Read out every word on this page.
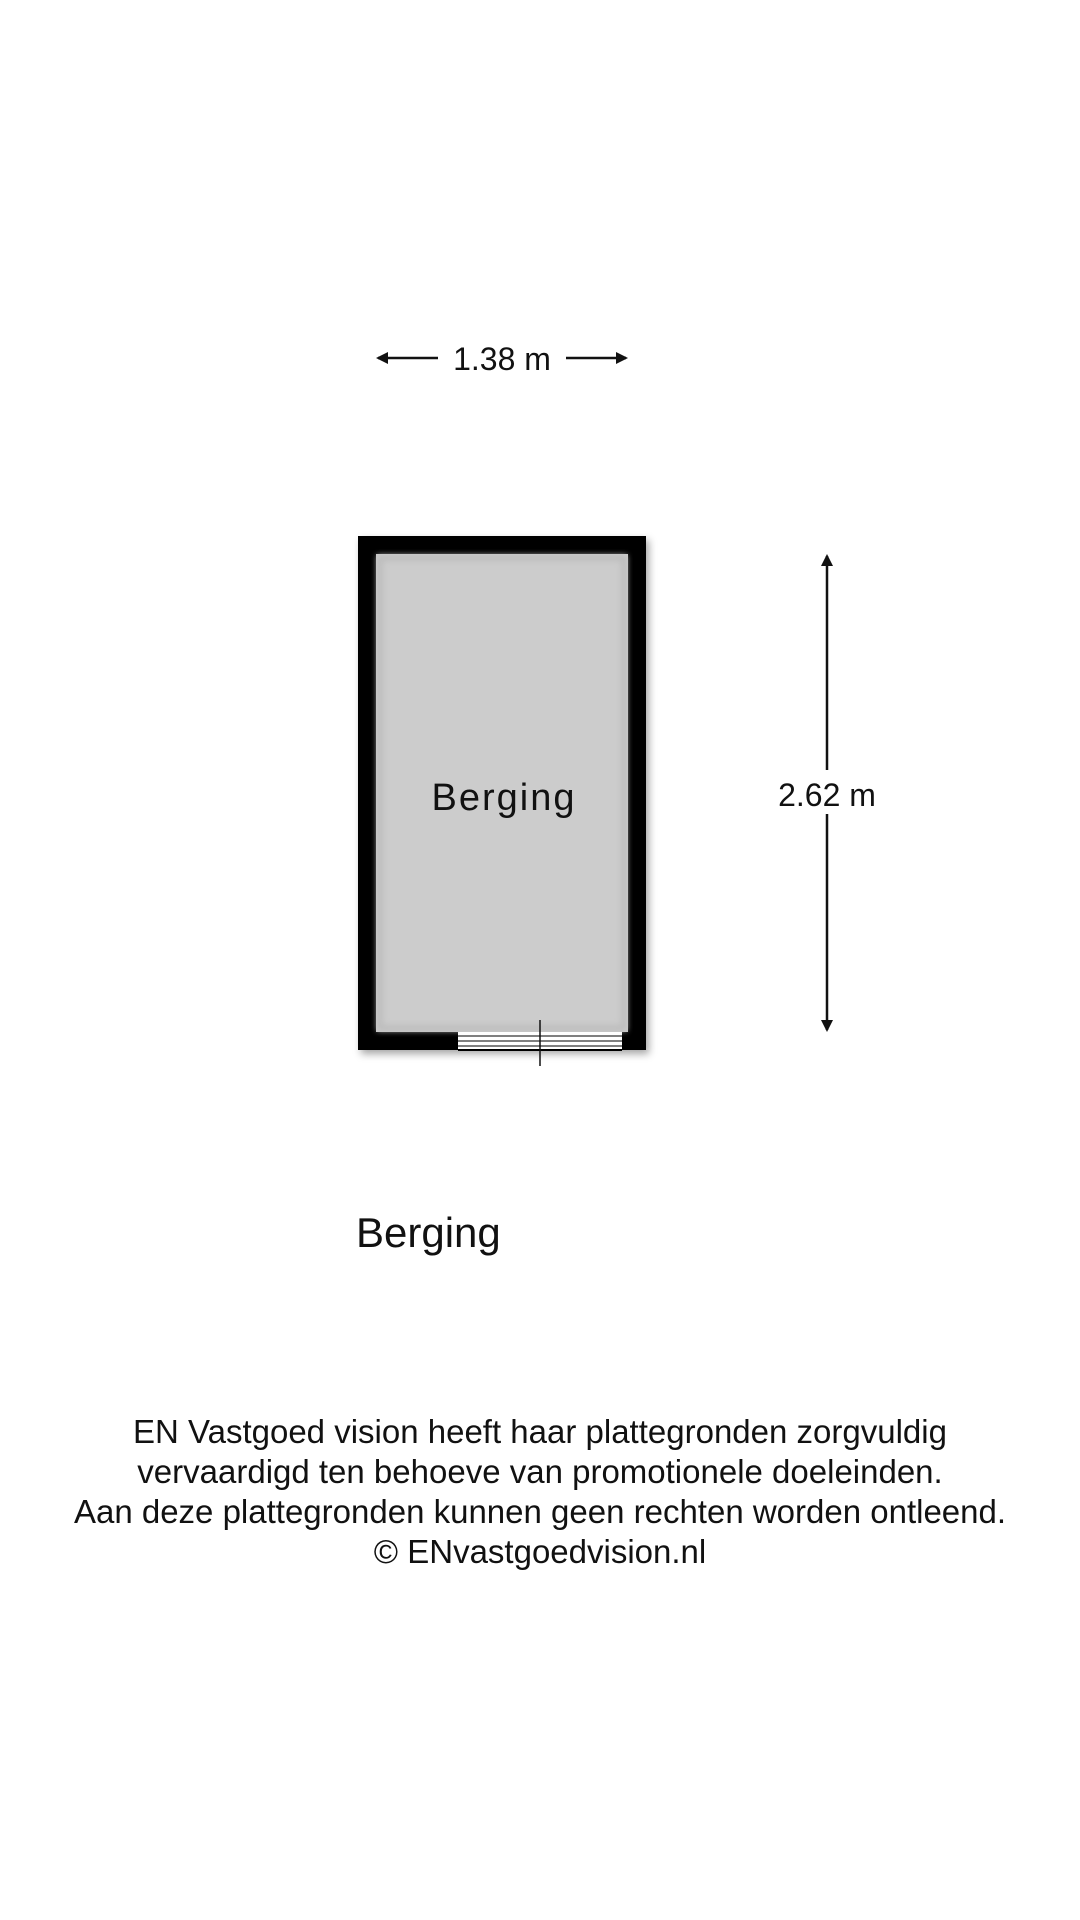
1.38 m
2.62 m
Berging
Berging
EN Vastgoed vision heeft haar plattegronden zorgvuldig
vervaardigd ten behoeve van promotionele doeleinden.
Aan deze plattegronden kunnen geen rechten worden ontleend.
© ENvastgoedvision.nl
